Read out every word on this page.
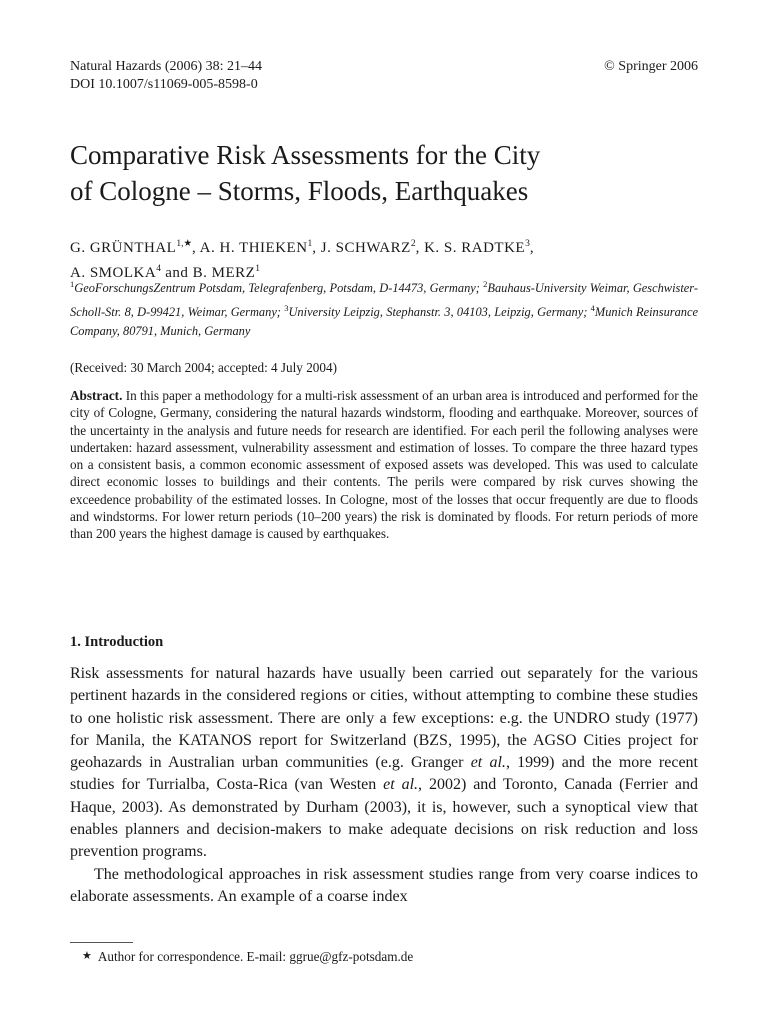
Natural Hazards (2006) 38: 21–44	© Springer 2006
DOI 10.1007/s11069-005-8598-0
Comparative Risk Assessments for the City
of Cologne – Storms, Floods, Earthquakes
G. $GRÜNTHAL^{1,★}$, A. H. THIEKEN$^1$, J. SCHWARZ$^2$, K. S. RADTKE$^3$,
A. SMOLKA$^4$ and B. MERZ$^1$
$^1$GeoForschungsZentrum Potsdam, Telegrafenberg, Potsdam, D-14473, Germany; $^2$Bauhaus-University Weimar, Geschwister-Scholl-Str. 8, D-99421, Weimar, Germany; $^3$University Leipzig, Stephanstr. 3, 04103, Leipzig, Germany; $^4$Munich Reinsurance Company, 80791, Munich, Germany
(Received: 30 March 2004; accepted: 4 July 2004)

Abstract. In this paper a methodology for a multi-risk assessment of an urban area is introduced and performed for the city of Cologne, Germany, considering the natural hazards windstorm, flooding and earthquake. Moreover, sources of the uncertainty in the analysis and future needs for research are identified. For each peril the following analyses were undertaken: hazard assessment, vulnerability assessment and estimation of losses. To compare the three hazard types on a consistent basis, a common economic assessment of exposed assets was developed. This was used to calculate direct economic losses to buildings and their contents. The perils were compared by risk curves showing the exceedence probability of the estimated losses. In Cologne, most of the losses that occur frequently are due to floods and windstorms. For lower return periods (10–200 years) the risk is dominated by floods. For return periods of more than 200 years the highest damage is caused by earthquakes.

1. Introduction

Risk assessments for natural hazards have usually been carried out separately for the various pertinent hazards in the considered regions or cities, without attempting to combine these studies to one holistic risk assessment. There are only a few exceptions: e.g. the UNDRO study (1977) for Manila, the KATANOS report for Switzerland (BZS, 1995), the AGSO Cities project for geohazards in Australian urban communities (e.g. Granger et al., 1999) and the more recent studies for Turrialba, Costa-Rica (van Westen et al., 2002) and Toronto, Canada (Ferrier and Haque, 2003). As demonstrated by Durham (2003), it is, however, such a synoptical view that enables planners and decision-makers to make adequate decisions on risk reduction and loss prevention programs.

The methodological approaches in risk assessment studies range from very coarse indices to elaborate assessments. An example of a coarse index

★ Author for correspondence. E-mail: ggrue@gfz-potsdam.de
